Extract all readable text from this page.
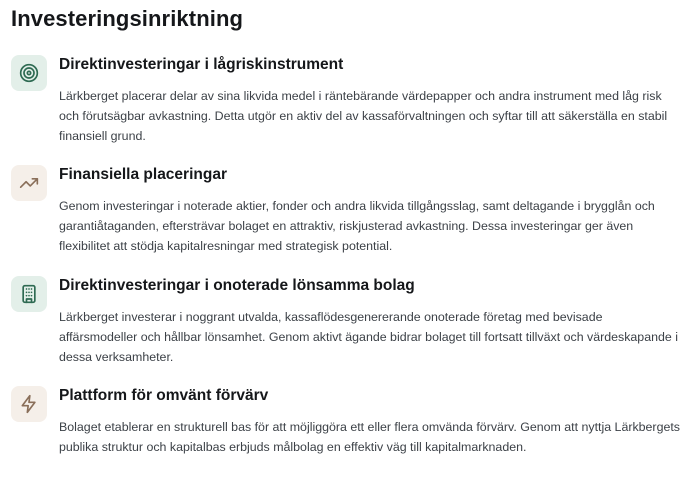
Investeringsinriktning
Direktinvesteringar i lågriskinstrument

Lärkberget placerar delar av sina likvida medel i räntebärande värdepapper och andra instrument med låg risk och förutsägbar avkastning. Detta utgör en aktiv del av kassaförvaltningen och syftar till att säkerställa en stabil finansiell grund.

Finansiella placeringar

Genom investeringar i noterade aktier, fonder och andra likvida tillgångsslag, samt deltagande i brygglån och garantiåtaganden, eftersträvar bolaget en attraktiv, riskjusterad avkastning. Dessa investeringar ger även flexibilitet att stödja kapitalresningar med strategisk potential.

Direktinvesteringar i onoterade lönsamma bolag

Lärkberget investerar i noggrant utvalda, kassaflödesgenererande onoterade företag med bevisade affärsmodeller och hållbar lönsamhet. Genom aktivt ägande bidrar bolaget till fortsatt tillväxt och värdeskapande i dessa verksamheter.

Plattform för omvänt förvärv

Bolaget etablerar en strukturell bas för att möjliggöra ett eller flera omvända förvärv. Genom att nyttja Lärkbergets publika struktur och kapitalbas erbjuds målbolag en effektiv väg till kapitalmarknaden.
